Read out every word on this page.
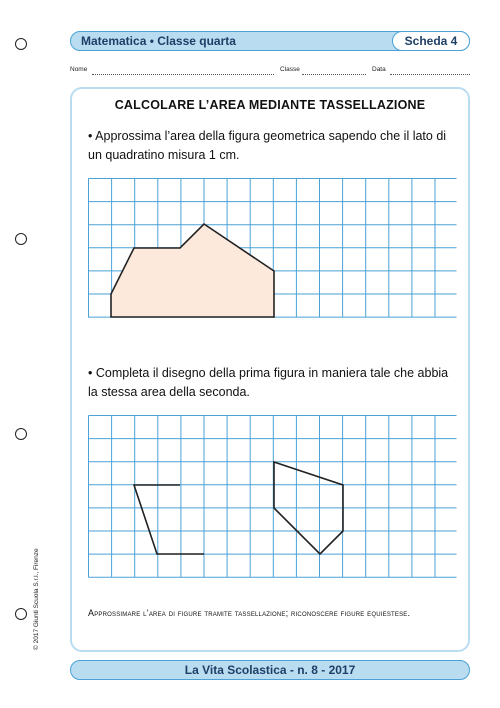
Matematica • Classe quarta	Scheda 4
Nome	Classe	Data
CALCOLARE L’AREA MEDIANTE TASSELLAZIONE
• Approssima l’area della figura geometrica sapendo che il lato di un quadratino misura 1 cm.
• Completa il disegno della prima figura in maniera tale che abbia la stessa area della seconda.
Approssimare l’area di figure tramite tassellazione; riconoscere figure equiestese.
La Vita Scolastica - n. 8 - 2017
© 2017 Giunti Scuola S.r.l., Firenze
